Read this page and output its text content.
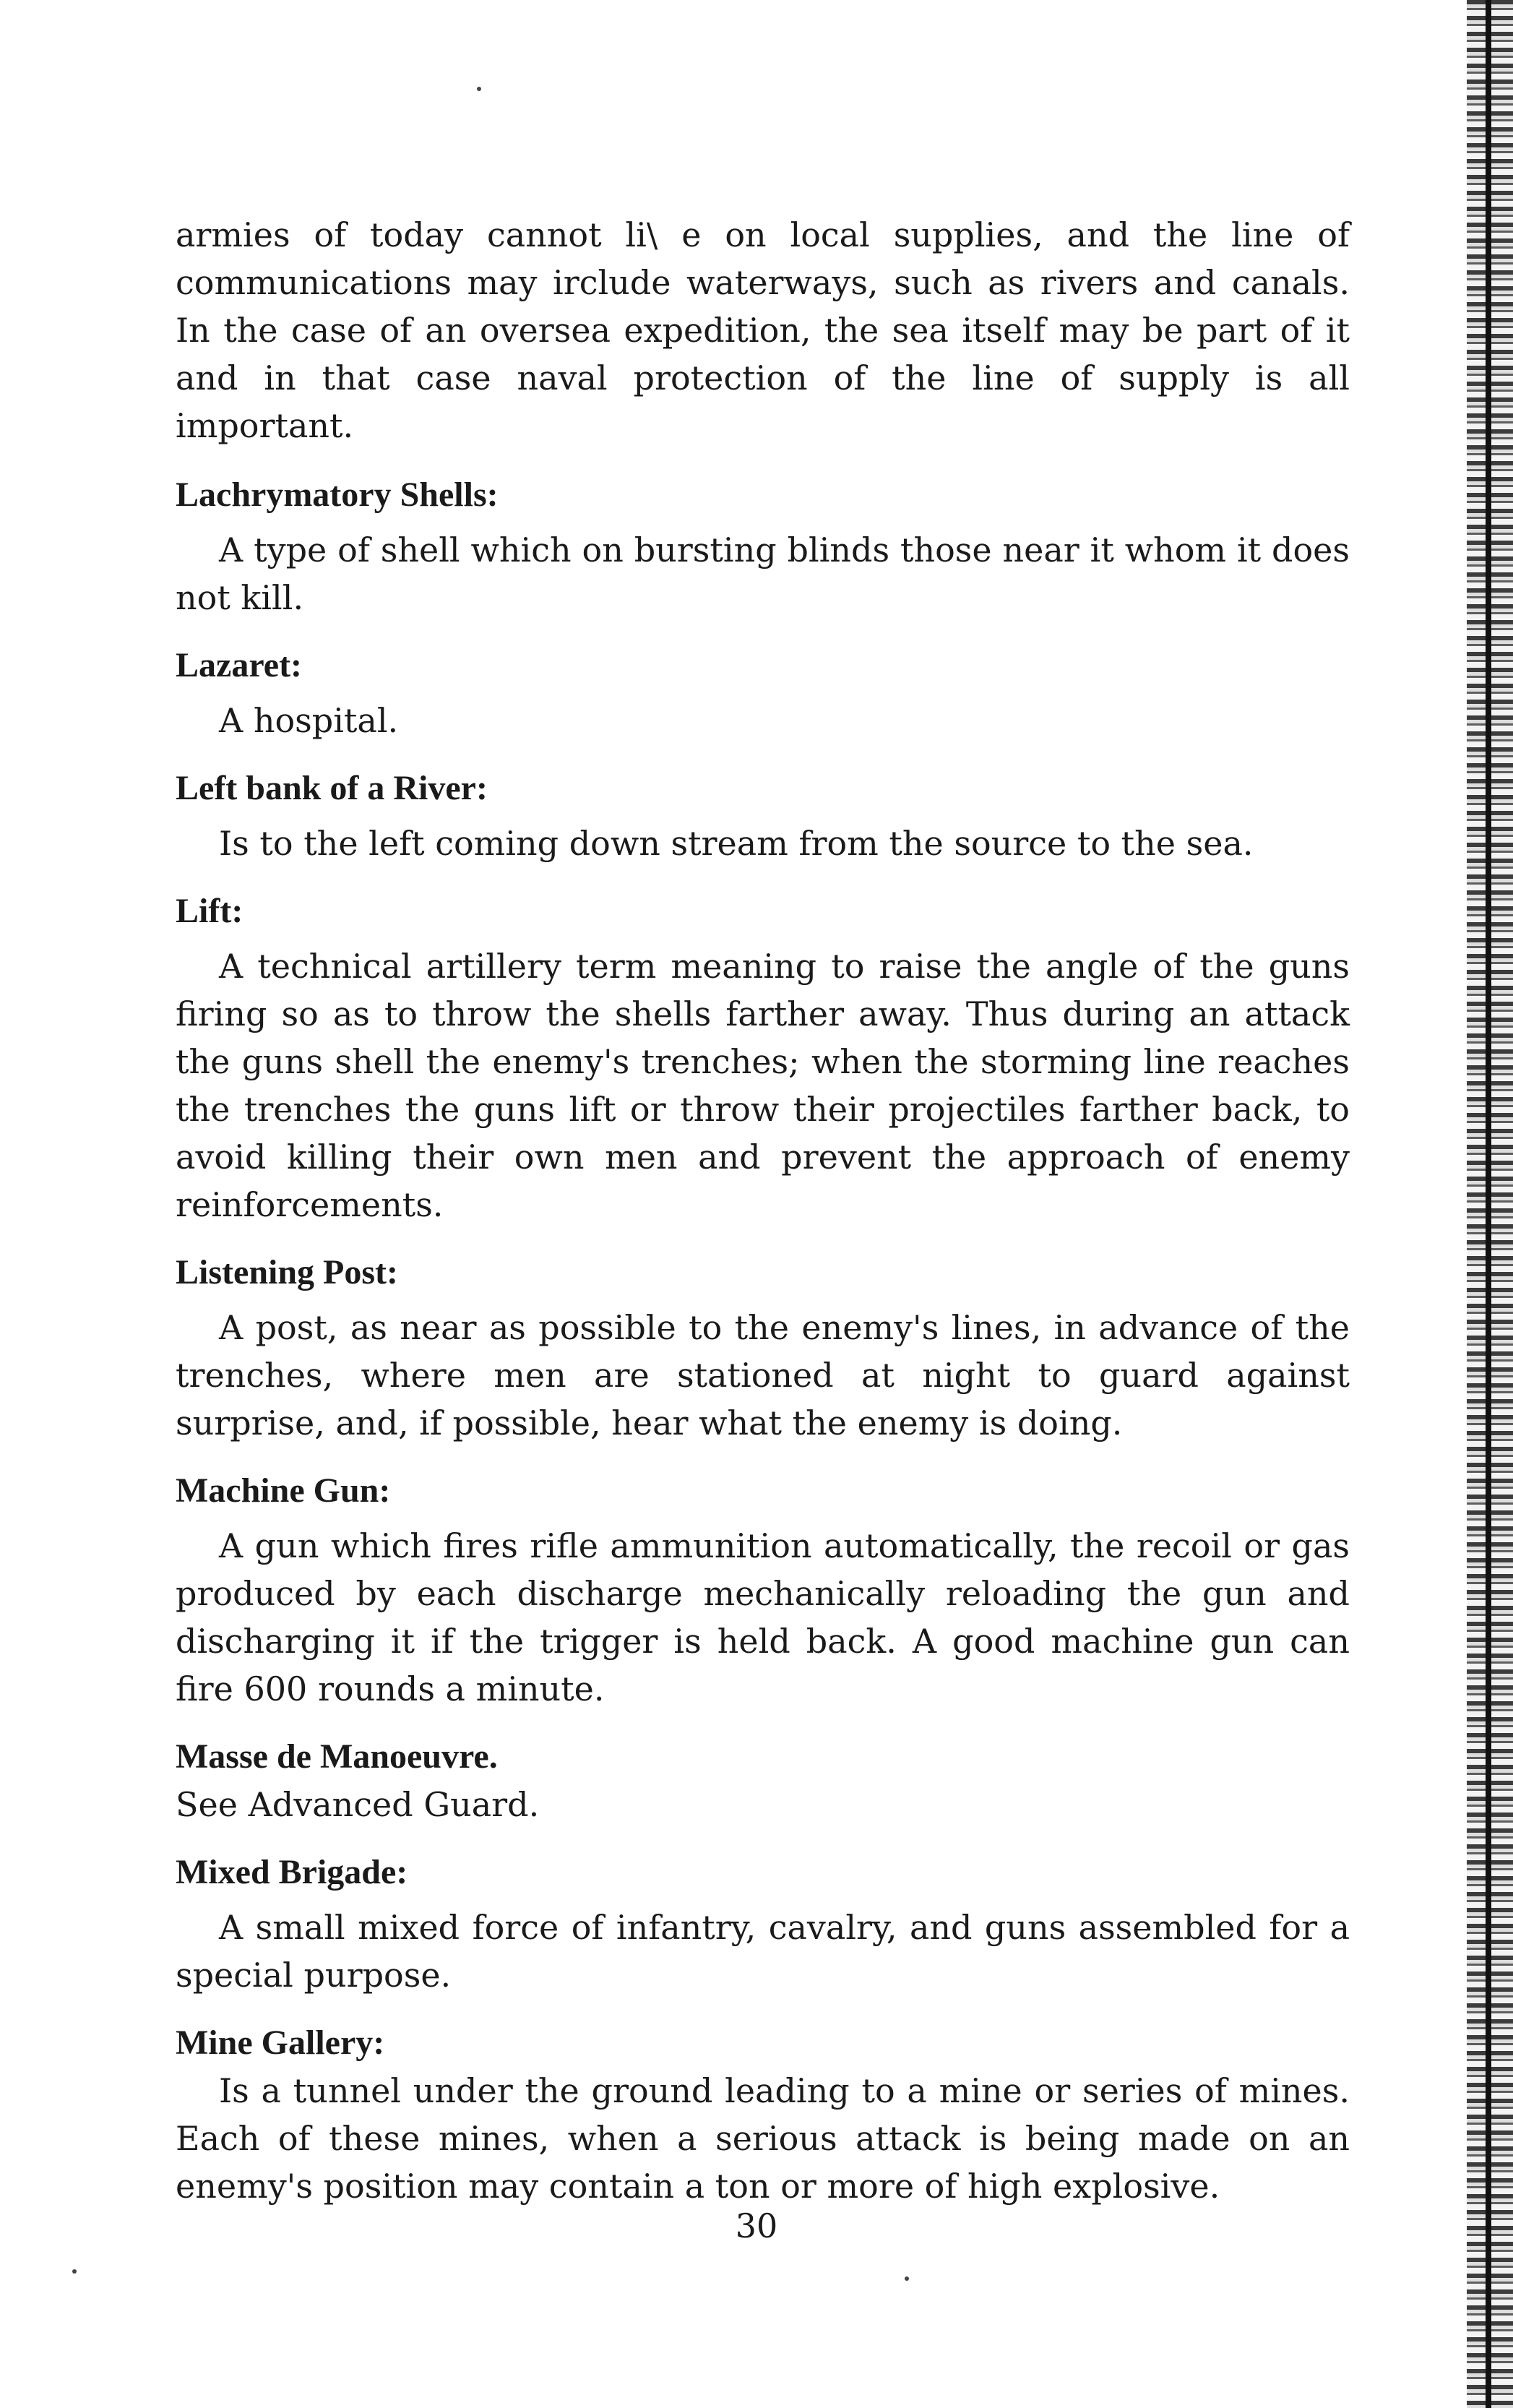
armies of today cannot li\ e on local supplies, and the line of communications may irclude waterways, such as rivers and canals. In the case of an oversea expedition, the sea itself may be part of it and in that case naval protection of the line of supply is all important.

Lachrymatory Shells:

A type of shell which on bursting blinds those near it whom it does not kill.

Lazaret:

A hospital.

Left bank of a River:

Is to the left coming down stream from the source to the sea.

Lift:

A technical artillery term meaning to raise the angle of the guns firing so as to throw the shells farther away. Thus during an attack the guns shell the enemy's trenches; when the storming line reaches the trenches the guns lift or throw their projectiles farther back, to avoid killing their own men and prevent the approach of enemy reinforcements.

Listening Post:

A post, as near as possible to the enemy's lines, in advance of the trenches, where men are stationed at night to guard against surprise, and, if possible, hear what the enemy is doing.

Machine Gun:

A gun which fires rifle ammunition automatically, the recoil or gas produced by each discharge mechanically reloading the gun and discharging it if the trigger is held back. A good machine gun can fire 600 rounds a minute.

Masse de Manoeuvre.

See Advanced Guard.

Mixed Brigade:

A small mixed force of infantry, cavalry, and guns assembled for a special purpose.

Mine Gallery:

Is a tunnel under the ground leading to a mine or series of mines. Each of these mines, when a serious attack is being made on an enemy's position may contain a ton or more of high explosive.

30
